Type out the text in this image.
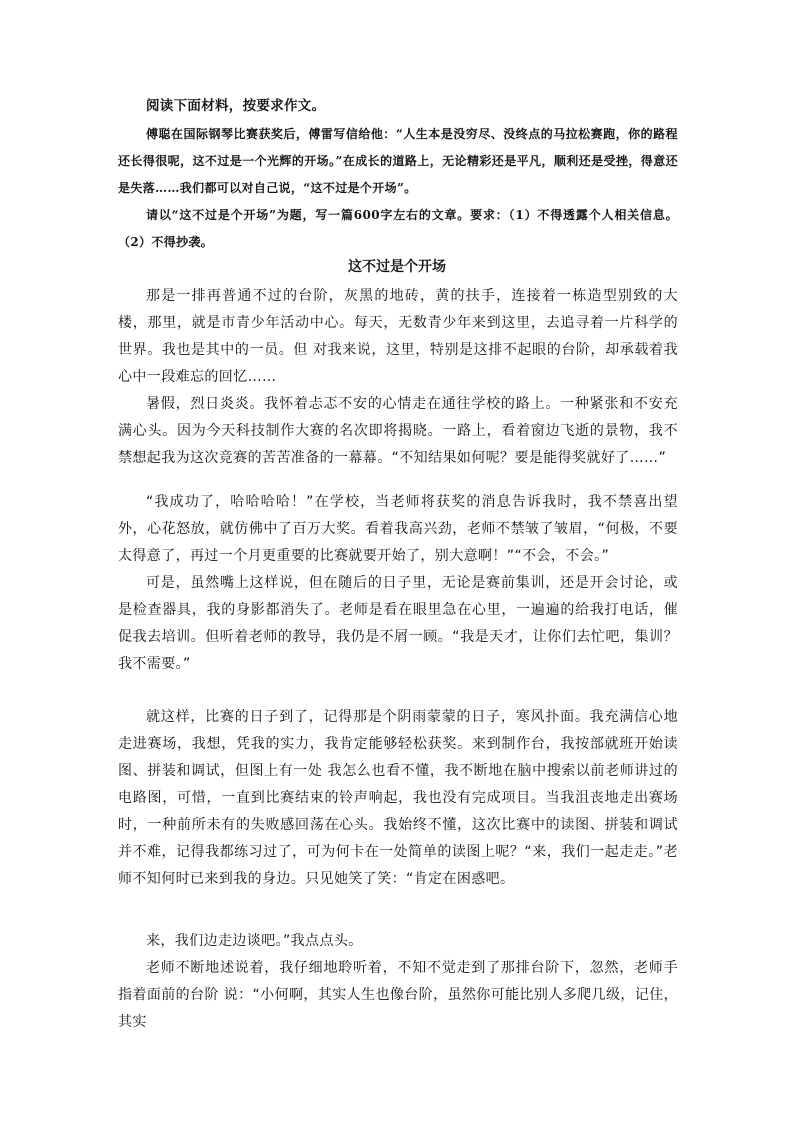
阅读下面材料，按要求作文。

傅聪在国际钢琴比赛获奖后，傅雷写信给他：“人生本是没穷尽、没终点的马拉松赛跑，你的路程还长得很呢，这不过是一个光辉的开场。”在成长的道路上，无论精彩还是平凡，顺利还是受挫，得意还是失落……我们都可以对自己说，“这不过是个开场”。

请以“这不过是个开场”为题，写一篇600字左右的文章。要求：（1）不得透露个人相关信息。（2）不得抄袭。

这不过是个开场

那是一排再普通不过的台阶，灰黑的地砖，黄的扶手，连接着一栋造型别致的大楼，那里，就是市青少年活动中心。每天，无数青少年来到这里，去追寻着一片科学的世界。我也是其中的一员。但 对我来说，这里，特别是这排不起眼的台阶，却承载着我心中一段难忘的回忆……

暑假，烈日炎炎。我怀着忐忑不安的心情走在通往学校的路上。一种紧张和不安充满心头。因为今天科技制作大赛的名次即将揭晓。一路上，看着窗边飞逝的景物，我不禁想起我为这次竞赛的苦苦准备的一幕幕。“不知结果如何呢？要是能得奖就好了……”

“我成功了，哈哈哈哈！”在学校，当老师将获奖的消息告诉我时，我不禁喜出望外，心花怒放，就仿佛中了百万大奖。看着我高兴劲，老师不禁皱了皱眉，“何极，不要太得意了，再过一个月更重要的比赛就要开始了，别大意啊！”“不会，不会。”

可是，虽然嘴上这样说，但在随后的日子里，无论是赛前集训，还是开会讨论，或是检查器具，我的身影都消失了。老师是看在眼里急在心里，一遍遍的给我打电话，催促我去培训。但听着老师的教导，我仍是不屑一顾。“我是天才，让你们去忙吧，集训？我不需要。”

就这样，比赛的日子到了，记得那是个阴雨蒙蒙的日子，寒风扑面。我充满信心地走进赛场，我想，凭我的实力，我肯定能够轻松获奖。来到制作台，我按部就班开始读图、拼装和调试，但图上有一处 我怎么也看不懂，我不断地在脑中搜索以前老师讲过的电路图，可惜，一直到比赛结束的铃声响起，我也没有完成项目。当我沮丧地走出赛场时，一种前所未有的失败感回荡在心头。我始终不懂，这次比赛中的读图、拼装和调试并不难，记得我都练习过了，可为何卡在一处简单的读图上呢？“来，我们一起走走。”老师不知何时已来到我的身边。只见她笑了笑：“肯定在困惑吧。

来，我们边走边谈吧。”我点点头。

老师不断地述说着，我仔细地聆听着，不知不觉走到了那排台阶下，忽然，老师手指着面前的台阶 说：“小何啊，其实人生也像台阶，虽然你可能比别人多爬几级，记住，其实
